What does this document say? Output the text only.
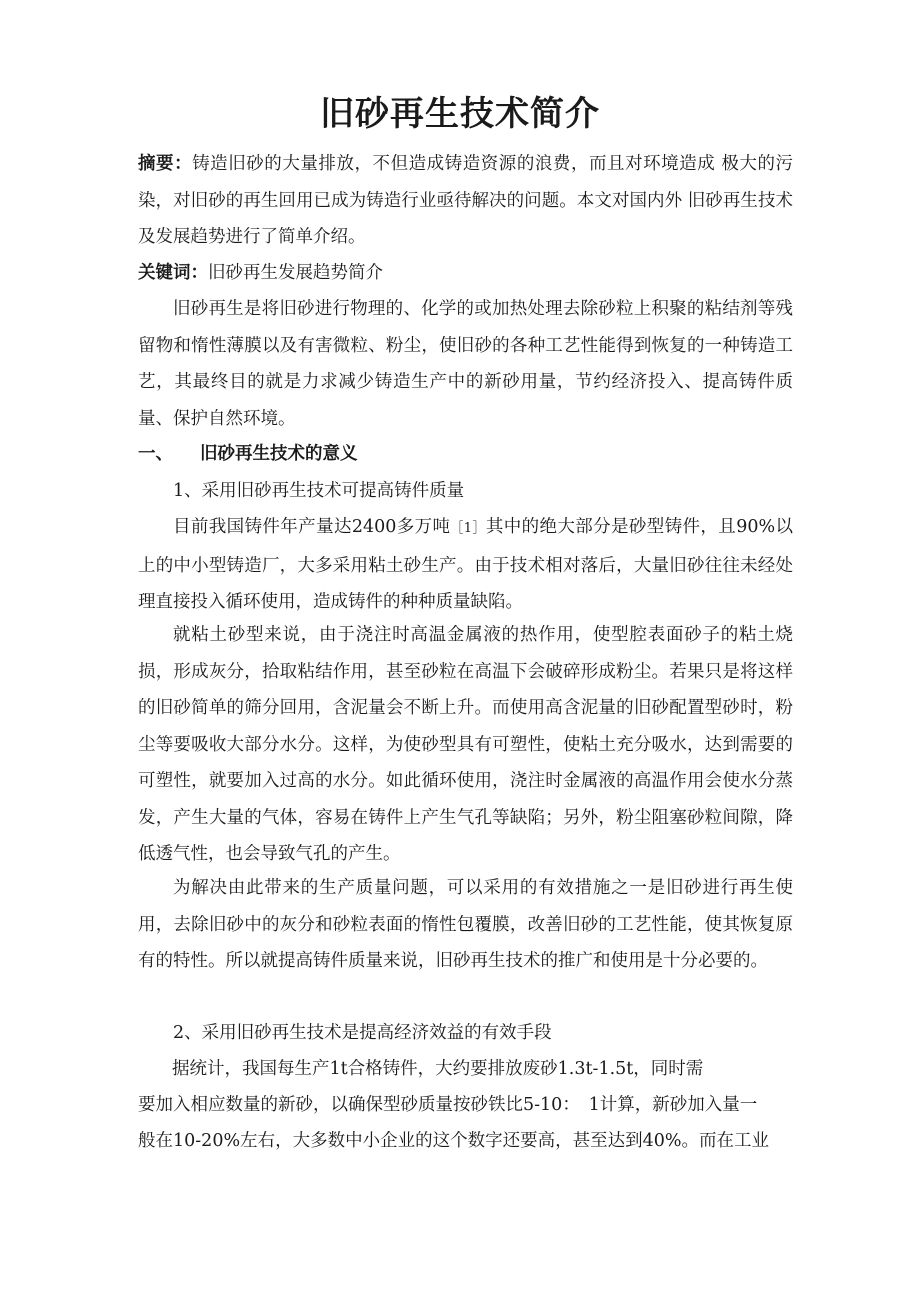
旧砂再生技术简介

摘要：铸造旧砂的大量排放，不但造成铸造资源的浪费，而且对环境造成 极大的污染，对旧砂的再生回用已成为铸造行业亟待解决的问题。本文对国内外 旧砂再生技术及发展趋势进行了简单介绍。

关键词：旧砂再生发展趋势简介

旧砂再生是将旧砂进行物理的、化学的或加热处理去除砂粒上积聚的粘结剂等残留物和惰性薄膜以及有害微粒、粉尘，使旧砂的各种工艺性能得到恢复的一种铸造工艺，其最终目的就是力求减少铸造生产中的新砂用量，节约经济投入、提高铸件质量、保护自然环境。

一、 旧砂再生技术的意义

1、采用旧砂再生技术可提高铸件质量

目前我国铸件年产量达2400多万吨［1］其中的绝大部分是砂型铸件，且90%以上的中小型铸造厂，大多采用粘土砂生产。由于技术相对落后，大量旧砂往往未经处理直接投入循环使用，造成铸件的种种质量缺陷。

就粘土砂型来说，由于浇注时高温金属液的热作用，使型腔表面砂子的粘土烧损，形成灰分，拾取粘结作用，甚至砂粒在高温下会破碎形成粉尘。若果只是将这样的旧砂简单的筛分回用，含泥量会不断上升。而使用高含泥量的旧砂配置型砂时，粉尘等要吸收大部分水分。这样，为使砂型具有可塑性，使粘土充分吸水，达到需要的可塑性，就要加入过高的水分。如此循环使用，浇注时金属液的高温作用会使水分蒸发，产生大量的气体，容易在铸件上产生气孔等缺陷；另外，粉尘阻塞砂粒间隙，降低透气性，也会导致气孔的产生。

为解决由此带来的生产质量问题，可以采用的有效措施之一是旧砂进行再生使用，去除旧砂中的灰分和砂粒表面的惰性包覆膜，改善旧砂的工艺性能，使其恢复原有的特性。所以就提高铸件质量来说，旧砂再生技术的推广和使用是十分必要的。

2、采用旧砂再生技术是提高经济效益的有效手段

据统计，我国每生产1t合格铸件，大约要排放废砂1.3t-1.5t，同时需

要加入相应数量的新砂，以确保型砂质量按砂铁比5-10：　1计算，新砂加入量一

般在10-20%左右，大多数中小企业的这个数字还要高，甚至达到40%。而在工业
